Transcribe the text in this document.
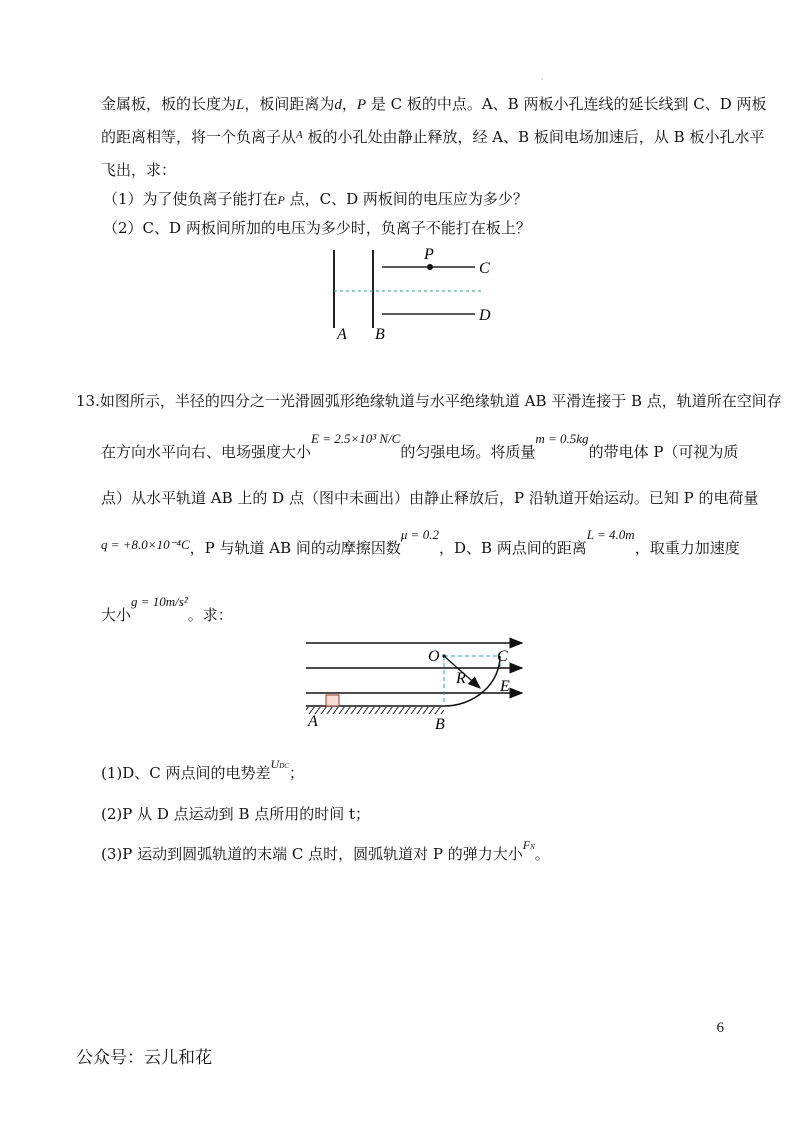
·
金属板，板的长度为L，板间距离为d，P 是 C 板的中点。A、B 两板小孔连线的延长线到 C、D 两板
的距离相等，将一个负离子从$^A$ 板的小孔处由静止释放，经 A、B 板间电场加速后，从 B 板小孔水平
飞出，求：
（1）为了使负离子能打在P 点，C、D 两板间的电压应为多少？
（2）C、D 两板间所加的电压为多少时，负离子不能打在板上？
P
C
D
A B
13.如图所示，半径的四分之一光滑圆弧形绝缘轨道与水平绝缘轨道 AB 平滑连接于 B 点，轨道所在空间存
在方向水平向右、电场强度大小E = 2.5×10³ N/C的匀强电场。将质量m = 0.5kg的带电体 P（可视为质
点）从水平轨道 AB 上的 D 点（图中未画出）由静止释放后，P 沿轨道开始运动。已知 P 的电荷量
q = +8.0×10⁻⁴C，P 与轨道 AB 间的动摩擦因数μ = 0.2，D、B 两点间的距离L = 4.0m，取重力加速度
大小g = 10m/s²。求：
O	C
R E
A	B
(1)D、C 两点间的电势差$^{UDC}$；
(2)P 从 D 点运动到 B 点所用的时间 t；
(3)P 运动到圆弧轨道的末端 C 点时，圆弧轨道对 P 的弹力大小$^{FN}$。
6
公众号：云儿和花
